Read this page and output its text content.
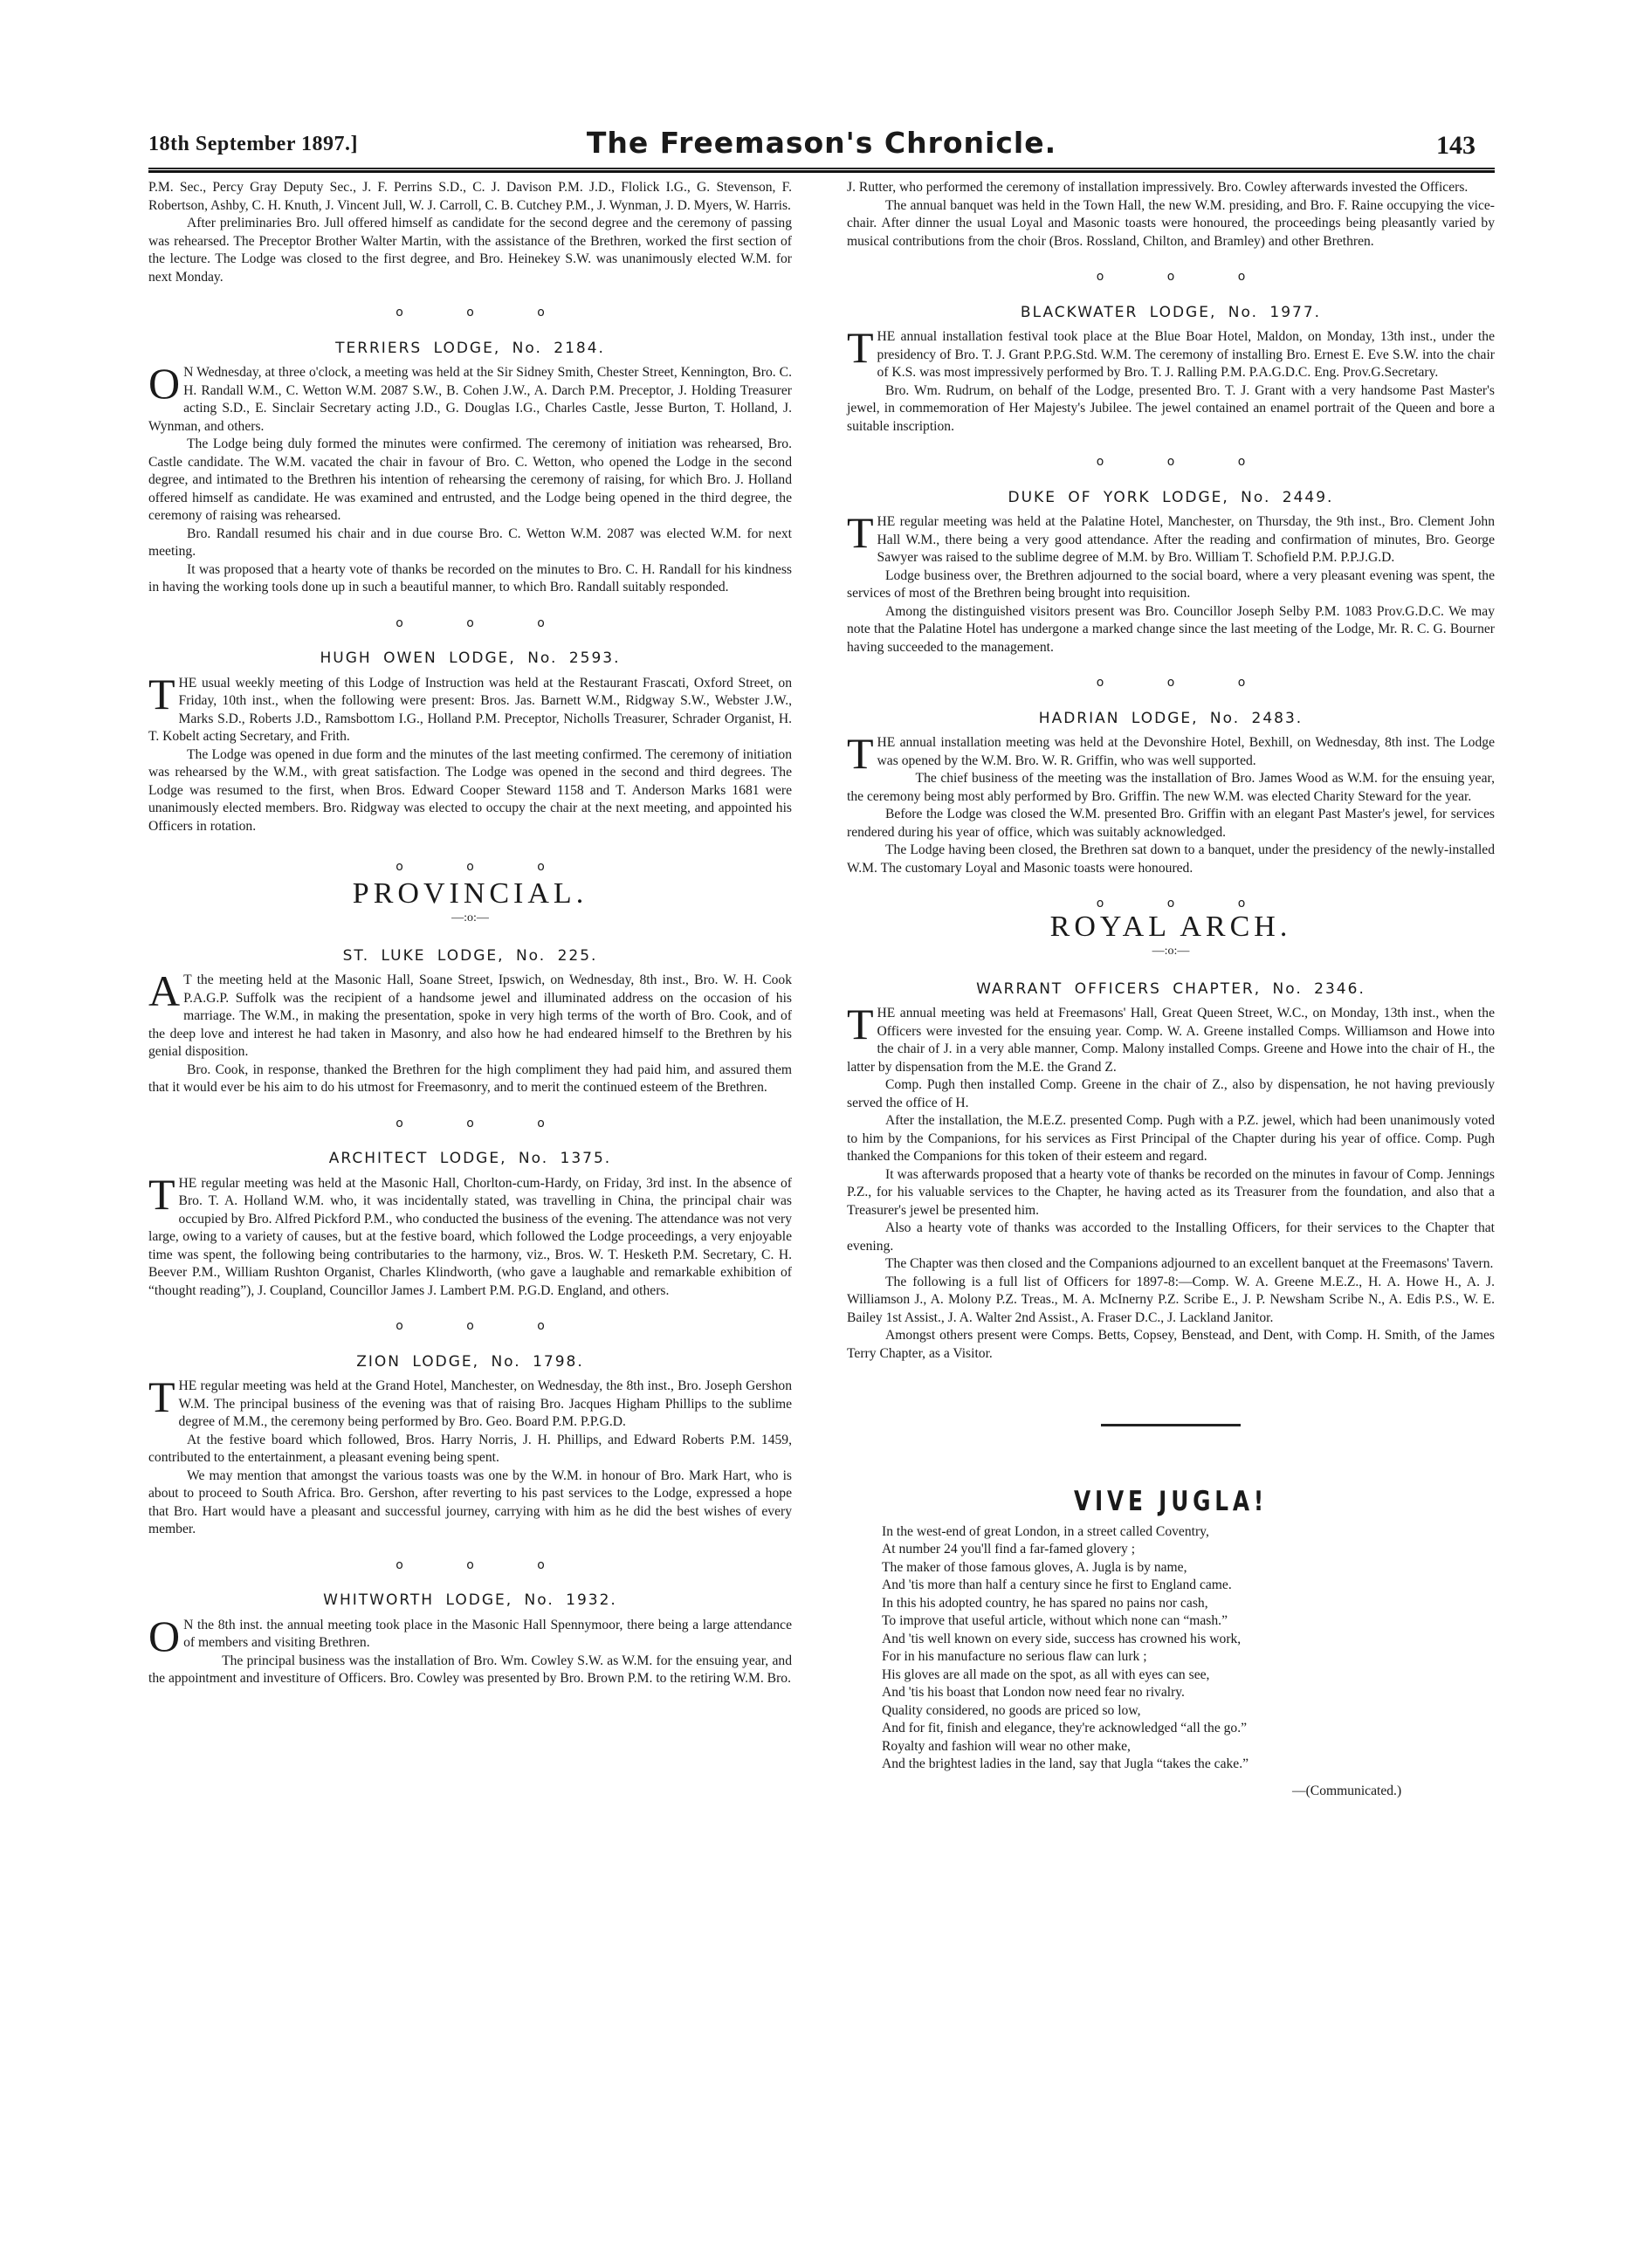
18th September 1897.]	The Freemason's Chronicle.	143

P.M. Sec., Percy Gray Deputy Sec., J. F. Perrins S.D., C. J. Davison P.M. J.D., Flolick I.G., G. Stevenson, F. Robertson, Ashby, C. H. Knuth, J. Vincent Jull, W. J. Carroll, C. B. Cutchey P.M., J. Wynman, J. D. Myers, W. Harris.

After preliminaries Bro. Jull offered himself as candidate for the second degree and the ceremony of passing was rehearsed. The Preceptor Brother Walter Martin, with the assistance of the Brethren, worked the first section of the lecture. The Lodge was closed to the first degree, and Bro. Heinekey S.W. was unanimously elected W.M. for next Monday.

o o o
TERRIERS LODGE, No. 2184.

O N Wednesday, at three o'clock, a meeting was held at the Sir Sidney Smith, Chester Street, Kennington, Bro. C. H. Randall W.M., C. Wetton W.M. 2087 S.W., B. Cohen J.W., A. Darch P.M. Preceptor, J. Holding Treasurer acting S.D., E. Sinclair Secretary acting J.D., G. Douglas I.G., Charles Castle, Jesse Burton, T. Holland, J. Wynman, and others.

The Lodge being duly formed the minutes were confirmed. The ceremony of initiation was rehearsed, Bro. Castle candidate. The W.M. vacated the chair in favour of Bro. C. Wetton, who opened the Lodge in the second degree, and intimated to the Brethren his intention of rehearsing the ceremony of raising, for which Bro. J. Holland offered himself as candidate. He was examined and entrusted, and the Lodge being opened in the third degree, the ceremony of raising was rehearsed.

Bro. Randall resumed his chair and in due course Bro. C. Wetton W.M. 2087 was elected W.M. for next meeting.

It was proposed that a hearty vote of thanks be recorded on the minutes to Bro. C. H. Randall for his kindness in having the working tools done up in such a beautiful manner, to which Bro. Randall suitably responded.

o o o
HUGH OWEN LODGE, No. 2593.

THE usual weekly meeting of this Lodge of Instruction was held at the Restaurant Frascati, Oxford Street, on Friday, 10th inst., when the following were present: Bros. Jas. Barnett W.M., Ridgway S.W., Webster J.W., Marks S.D., Roberts J.D., Ramsbottom I.G., Holland P.M. Preceptor, Nicholls Treasurer, Schrader Organist, H. T. Kobelt acting Secretary, and Frith.

The Lodge was opened in due form and the minutes of the last meeting confirmed. The ceremony of initiation was rehearsed by the W.M., with great satisfaction. The Lodge was opened in the second and third degrees. The Lodge was resumed to the first, when Bros. Edward Cooper Steward 1158 and T. Anderson Marks 1681 were unanimously elected members. Bro. Ridgway was elected to occupy the chair at the next meeting, and appointed his Officers in rotation.

o o o
PROVINCIAL.
—:o:—
ST. LUKE LODGE, No. 225.

A T the meeting held at the Masonic Hall, Soane Street, Ipswich, on Wednesday, 8th inst., Bro. W. H. Cook P.A.G.P. Suffolk was the recipient of a handsome jewel and illuminated address on the occasion of his marriage. The W.M., in making the presentation, spoke in very high terms of the worth of Bro. Cook, and of the deep love and interest he had taken in Masonry, and also how he had endeared himself to the Brethren by his genial disposition.

Bro. Cook, in response, thanked the Brethren for the high compliment they had paid him, and assured them that it would ever be his aim to do his utmost for Freemasonry, and to merit the continued esteem of the Brethren.

o o o
ARCHITECT LODGE, No. 1375.

THE regular meeting was held at the Masonic Hall, Chorlton-cum-Hardy, on Friday, 3rd inst. In the absence of Bro. T. A. Holland W.M. who, it was incidentally stated, was travelling in China, the principal chair was occupied by Bro. Alfred Pickford P.M., who conducted the business of the evening. The attendance was not very large, owing to a variety of causes, but at the festive board, which followed the Lodge proceedings, a very enjoyable time was spent, the following being contributaries to the harmony, viz., Bros. W. T. Hesketh P.M. Secretary, C. H. Beever P.M., William Rushton Organist, Charles Klindworth, (who gave a laughable and remarkable exhibition of “thought reading”), J. Coupland, Councillor James J. Lambert P.M. P.G.D. England, and others.

o o o
ZION LODGE, No. 1798.

THE regular meeting was held at the Grand Hotel, Manchester, on Wednesday, the 8th inst., Bro. Joseph Gershon W.M. The principal business of the evening was that of raising Bro. Jacques Higham Phillips to the sublime degree of M.M., the ceremony being performed by Bro. Geo. Board P.M. P.P.G.D.

At the festive board which followed, Bros. Harry Norris, J. H. Phillips, and Edward Roberts P.M. 1459, contributed to the entertainment, a pleasant evening being spent.

We may mention that amongst the various toasts was one by the W.M. in honour of Bro. Mark Hart, who is about to proceed to South Africa. Bro. Gershon, after reverting to his past services to the Lodge, expressed a hope that Bro. Hart would have a pleasant and successful journey, carrying with him as he did the best wishes of every member.

o o o
WHITWORTH LODGE, No. 1932.

O N the 8th inst. the annual meeting took place in the Masonic Hall Spennymoor, there being a large attendance of members and visiting Brethren.

The principal business was the installation of Bro. Wm. Cowley S.W. as W.M. for the ensuing year, and the appointment and investiture of Officers. Bro. Cowley was presented by Bro. Brown P.M. to the retiring W.M. Bro.

J. Rutter, who performed the ceremony of installation impressively. Bro. Cowley afterwards invested the Officers.

The annual banquet was held in the Town Hall, the new W.M. presiding, and Bro. F. Raine occupying the vice-chair. After dinner the usual Loyal and Masonic toasts were honoured, the proceedings being pleasantly varied by musical contributions from the choir (Bros. Rossland, Chilton, and Bramley) and other Brethren.

o o o
BLACKWATER LODGE, No. 1977.

THE annual installation festival took place at the Blue Boar Hotel, Maldon, on Monday, 13th inst., under the presidency of Bro. T. J. Grant P.P.G.Std. W.M. The ceremony of installing Bro. Ernest E. Eve S.W. into the chair of K.S. was most impressively performed by Bro. T. J. Ralling P.M. P.A.G.D.C. Eng. Prov.G.Secretary.

Bro. Wm. Rudrum, on behalf of the Lodge, presented Bro. T. J. Grant with a very handsome Past Master's jewel, in commemoration of Her Majesty's Jubilee. The jewel contained an enamel portrait of the Queen and bore a suitable inscription.

o o o
DUKE OF YORK LODGE, No. 2449.

THE regular meeting was held at the Palatine Hotel, Manchester, on Thursday, the 9th inst., Bro. Clement John Hall W.M., there being a very good attendance. After the reading and confirmation of minutes, Bro. George Sawyer was raised to the sublime degree of M.M. by Bro. William T. Schofield P.M. P.P.J.G.D.

Lodge business over, the Brethren adjourned to the social board, where a very pleasant evening was spent, the services of most of the Brethren being brought into requisition.

Among the distinguished visitors present was Bro. Councillor Joseph Selby P.M. 1083 Prov.G.D.C. We may note that the Palatine Hotel has undergone a marked change since the last meeting of the Lodge, Mr. R. C. G. Bourner having succeeded to the management.

o o o
HADRIAN LODGE, No. 2483.

THE annual installation meeting was held at the Devonshire Hotel, Bexhill, on Wednesday, 8th inst. The Lodge was opened by the W.M. Bro. W. R. Griffin, who was well supported.

The chief business of the meeting was the installation of Bro. James Wood as W.M. for the ensuing year, the ceremony being most ably performed by Bro. Griffin. The new W.M. was elected Charity Steward for the year.

Before the Lodge was closed the W.M. presented Bro. Griffin with an elegant Past Master's jewel, for services rendered during his year of office, which was suitably acknowledged.

The Lodge having been closed, the Brethren sat down to a banquet, under the presidency of the newly-installed W.M. The customary Loyal and Masonic toasts were honoured.

o o o
ROYAL ARCH.
—:o:—
WARRANT OFFICERS CHAPTER, No. 2346.

THE annual meeting was held at Freemasons' Hall, Great Queen Street, W.C., on Monday, 13th inst., when the Officers were invested for the ensuing year. Comp. W. A. Greene installed Comps. Williamson and Howe into the chair of J. in a very able manner, Comp. Malony installed Comps. Greene and Howe into the chair of H., the latter by dispensation from the M.E. the Grand Z.

Comp. Pugh then installed Comp. Greene in the chair of Z., also by dispensation, he not having previously served the office of H.

After the installation, the M.E.Z. presented Comp. Pugh with a P.Z. jewel, which had been unanimously voted to him by the Companions, for his services as First Principal of the Chapter during his year of office. Comp. Pugh thanked the Companions for this token of their esteem and regard.

It was afterwards proposed that a hearty vote of thanks be recorded on the minutes in favour of Comp. Jennings P.Z., for his valuable services to the Chapter, he having acted as its Treasurer from the foundation, and also that a Treasurer's jewel be presented him.

Also a hearty vote of thanks was accorded to the Installing Officers, for their services to the Chapter that evening.

The Chapter was then closed and the Companions adjourned to an excellent banquet at the Freemasons' Tavern.

The following is a full list of Officers for 1897-8:—Comp. W. A. Greene M.E.Z., H. A. Howe H., A. J. Williamson J., A. Molony P.Z. Treas., M. A. McInerny P.Z. Scribe E., J. P. Newsham Scribe N., A. Edis P.S., W. E. Bailey 1st Assist., J. A. Walter 2nd Assist., A. Fraser D.C., J. Lackland Janitor.

Amongst others present were Comps. Betts, Copsey, Benstead, and Dent, with Comp. H. Smith, of the James Terry Chapter, as a Visitor.

VIVE JUGLA!
In the west-end of great London, in a street called Coventry,
At number 24 you'll find a far-famed glovery ;
The maker of those famous gloves, A. Jugla is by name,
And 'tis more than half a century since he first to England came.
In this his adopted country, he has spared no pains nor cash,
To improve that useful article, without which none can “mash.”
And 'tis well known on every side, success has crowned his work,
For in his manufacture no serious flaw can lurk ;
His gloves are all made on the spot, as all with eyes can see,
And 'tis his boast that London now need fear no rivalry.
Quality considered, no goods are priced so low,
And for fit, finish and elegance, they're acknowledged “all the go.”
Royalty and fashion will wear no other make,
And the brightest ladies in the land, say that Jugla “takes the cake.”
—(Communicated.)
